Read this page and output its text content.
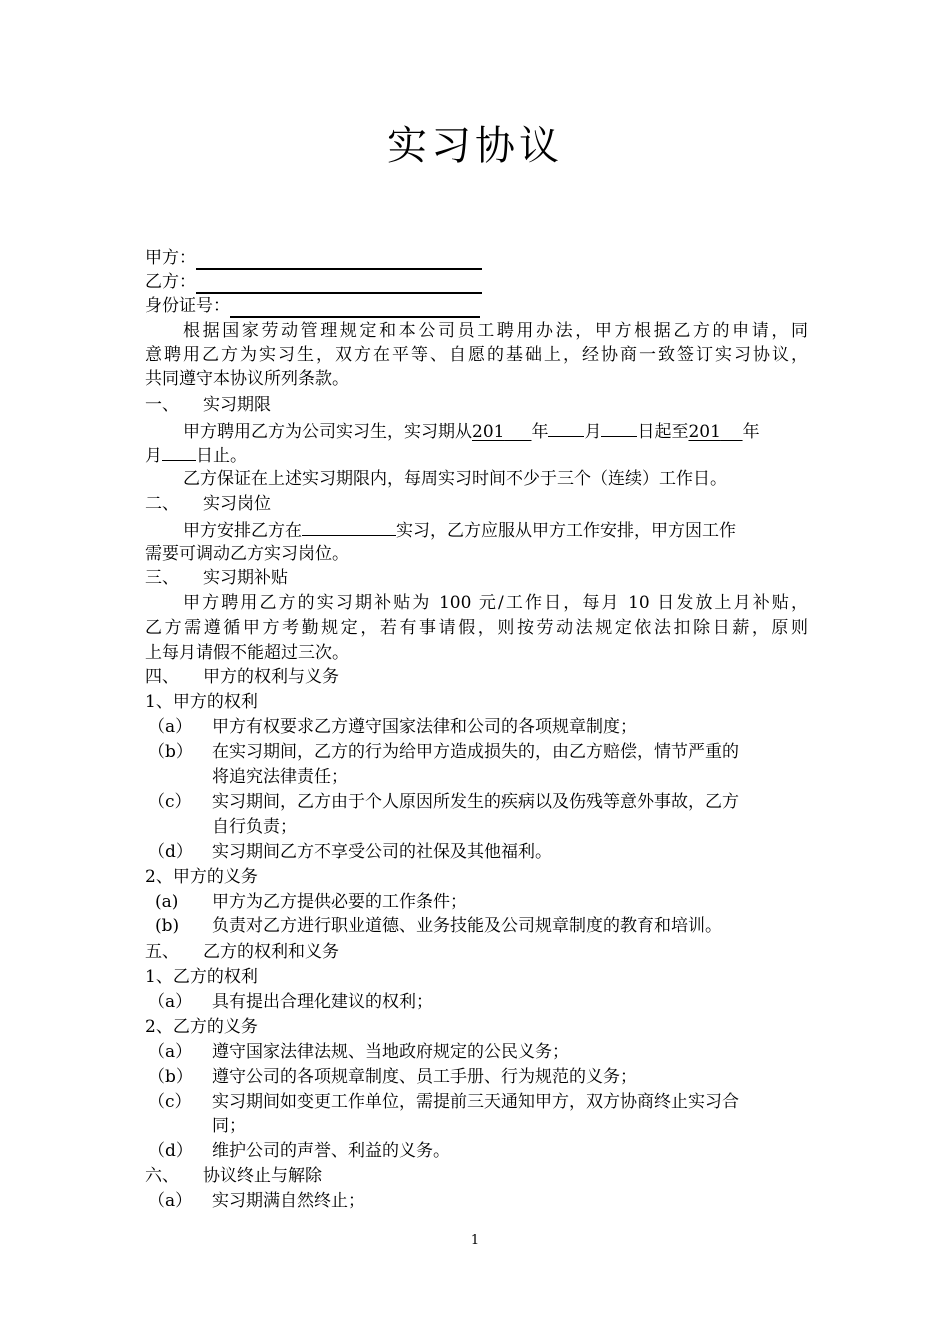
实习协议
甲方：
乙方：
身份证号：
根据国家劳动管理规定和本公司员工聘用办法，甲方根据乙方的申请，同
意聘用乙方为实习生，双方在平等、自愿的基础上，经协商一致签订实习协议，
共同遵守本协议所列条款。
一、 实习期限
甲方聘用乙方为公司实习生，实习期从201 年 月 日起至201 年
月 日止。
乙方保证在上述实习期限内，每周实习时间不少于三个（连续）工作日。
二、 实习岗位
甲方安排乙方在	实习，乙方应服从甲方工作安排，甲方因工作
需要可调动乙方实习岗位。
三、 实习期补贴
甲方聘用乙方的实习期补贴为 100 元/工作日，每月 10 日发放上月补贴，
乙方需遵循甲方考勤规定，若有事请假，则按劳动法规定依法扣除日薪，原则
上每月请假不能超过三次。
四、 甲方的权利与义务
1、甲方的权利
（a） 甲方有权要求乙方遵守国家法律和公司的各项规章制度；
（b） 在实习期间，乙方的行为给甲方造成损失的，由乙方赔偿，情节严重的
将追究法律责任；
（c） 实习期间，乙方由于个人原因所发生的疾病以及伤残等意外事故，乙方
自行负责；
（d） 实习期间乙方不享受公司的社保及其他福利。
2、甲方的义务
(a) 甲方为乙方提供必要的工作条件；
(b) 负责对乙方进行职业道德、业务技能及公司规章制度的教育和培训。
五、 乙方的权利和义务
1、乙方的权利
（a） 具有提出合理化建议的权利；
2、乙方的义务
（a） 遵守国家法律法规、当地政府规定的公民义务；
（b） 遵守公司的各项规章制度、员工手册、行为规范的义务；
（c） 实习期间如变更工作单位，需提前三天通知甲方，双方协商终止实习合
同；
（d） 维护公司的声誉、利益的义务。
六、 协议终止与解除
（a） 实习期满自然终止；
1
